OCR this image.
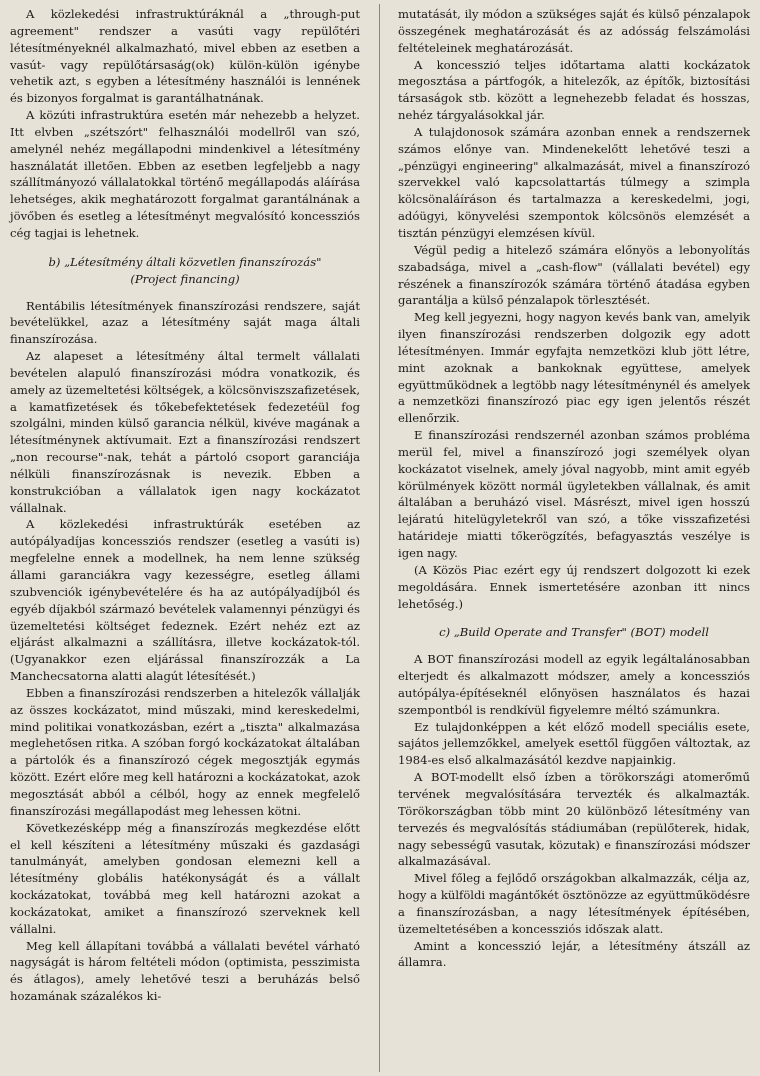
A közlekedési infrastruktúráknál a „through-put agreement" rendszer a vasúti vagy repülőtéri létesítményeknél alkalmazható, mivel ebben az esetben a vasút- vagy repülőtársaság(ok) külön-külön igénybe vehetik azt, s egyben a létesítmény használói is lennének és bizonyos forgalmat is garantálhatnának.

A közúti infrastruktúra esetén már nehezebb a helyzet. Itt elvben „szétszórt" felhasználói modellről van szó, amelynél nehéz megállapodni mindenkivel a létesítmény használatát illetően. Ebben az esetben legfeljebb a nagy szállítmányozó vállalatokkal történő megállapodás aláírása lehetséges, akik meghatározott forgalmat garantálnának a jövőben és esetleg a létesítményt megvalósító koncessziós cég tagjai is lehetnek.

b) „Létesítmény általi közvetlen finanszírozás"
(Project financing)

Rentábilis létesítmények finanszírozási rendszere, saját bevételükkel, azaz a létesítmény saját maga általi finanszírozása.

Az alapeset a létesítmény által termelt vállalati bevételen alapuló finanszírozási módra vonatkozik, és amely az üzemeltetési költségek, a kölcsönviszszafizetések, a kamatfizetések és tőkebefektetések fedezetéül fog szolgálni, minden külső garancia nélkül, kivéve magának a létesítménynek aktívumait. Ezt a finanszírozási rendszert „non recourse"-nak, tehát a pártoló csoport garanciája nélküli finanszírozásnak is nevezik. Ebben a konstrukcióban a vállalatok igen nagy kockázatot vállalnak.

A közlekedési infrastruktúrák esetében az autópályadíjas koncessziós rendszer (esetleg a vasúti is) megfelelne ennek a modellnek, ha nem lenne szükség állami garanciákra vagy kezességre, esetleg állami szubvenciók igénybevételére és ha az autópályadíjból és egyéb díjakból származó bevételek valamennyi pénzügyi és üzemeltetési költséget fedeznek. Ezért nehéz ezt az eljárást alkalmazni a szállításra, illetve kockázatok-tól. (Ugyanakkor ezen eljárással finanszírozzák a La Manchecsatorna alatti alagút létesítését.)

Ebben a finanszírozási rendszerben a hitelezők vállalják az összes kockázatot, mind műszaki, mind kereskedelmi, mind politikai vonatkozásban, ezért a „tiszta" alkalmazása meglehetősen ritka. A szóban forgó kockázatokat általában a pártolók és a finanszírozó cégek megosztják egymás között. Ezért előre meg kell határozni a kockázatokat, azok megosztását abból a célból, hogy az ennek megfelelő finanszírozási megállapodást meg lehessen kötni.

Következésképp még a finanszírozás megkezdése előtt el kell készíteni a létesítmény műszaki és gazdasági tanulmányát, amelyben gondosan elemezni kell a létesítmény globális hatékonyságát és a vállalt kockázatokat, továbbá meg kell határozni azokat a kockázatokat, amiket a finanszírozó szerveknek kell vállalni.

Meg kell állapítani továbbá a vállalati bevétel várható nagyságát is három feltételi módon (optimista, pesszimista és átlagos), amely lehetővé teszi a beruházás belső hozamának százalékos ki-

mutatását, ily módon a szükséges saját és külső pénzalapok összegének meghatározását és az adósság felszámolási feltételeinek meghatározását.

A koncesszió teljes időtartama alatti kockázatok megosztása a pártfogók, a hitelezők, az építők, biztosítási társaságok stb. között a legnehezebb feladat és hosszas, nehéz tárgyalásokkal jár.

A tulajdonosok számára azonban ennek a rendszernek számos előnye van. Mindenekelőtt lehetővé teszi a „pénzügyi engineering" alkalmazását, mivel a finanszírozó szervekkel való kapcsolattartás túlmegy a szimpla kölcsönaláíráson és tartalmazza a kereskedelmi, jogi, adóügyi, könyvelési szempontok kölcsönös elemzését a tisztán pénzügyi elemzésen kívül.

Végül pedig a hitelező számára előnyös a lebonyolítás szabadsága, mivel a „cash-flow" (vállalati bevétel) egy részének a finanszírozók számára történő átadása egyben garantálja a külső pénzalapok törlesztését.

Meg kell jegyezni, hogy nagyon kevés bank van, amelyik ilyen finanszírozási rendszerben dolgozik egy adott létesítményen. Immár egyfajta nemzetközi klub jött létre, mint azoknak a bankoknak együttese, amelyek együttműködnek a legtöbb nagy létesítménynél és amelyek a nemzetközi finanszírozó piac egy igen jelentős részét ellenőrzik.

E finanszírozási rendszernél azonban számos probléma merül fel, mivel a finanszírozó jogi személyek olyan kockázatot viselnek, amely jóval nagyobb, mint amit egyéb körülmények között normál ügyletekben vállalnak, és amit általában a beruházó visel. Másrészt, mivel igen hosszú lejáratú hitelügyletekről van szó, a tőke visszafizetési határideje miatti tőkerögzítés, befagyasztás veszélye is igen nagy.

(A Közös Piac ezért egy új rendszert dolgozott ki ezek megoldására. Ennek ismertetésére azonban itt nincs lehetőség.)

c) „Build Operate and Transfer" (BOT) modell

A BOT finanszírozási modell az egyik legáltalánosabban elterjedt és alkalmazott módszer, amely a koncessziós autópálya-építéseknél előnyösen használatos és hazai szempontból is rendkívül figyelemre méltó számunkra.

Ez tulajdonképpen a két előző modell speciális esete, sajátos jellemzőkkel, amelyek esettől függően változtak, az 1984-es első alkalmazásától kezdve napjainkig.

A BOT-modellt első ízben a törökországi atomerőmű tervének megvalósítására tervezték és alkalmazták. Törökországban több mint 20 különböző létesítmény van tervezés és megvalósítás stádiumában (repülőterek, hidak, nagy sebességű vasutak, közutak) e finanszírozási módszer alkalmazásával.

Mivel főleg a fejlődő országokban alkalmazzák, célja az, hogy a külföldi magántőkét ösztönözze az együttműködésre a finanszírozásban, a nagy létesítmények építésében, üzemeltetésében a koncessziós időszak alatt.

Amint a koncesszió lejár, a létesítmény átszáll az államra.
